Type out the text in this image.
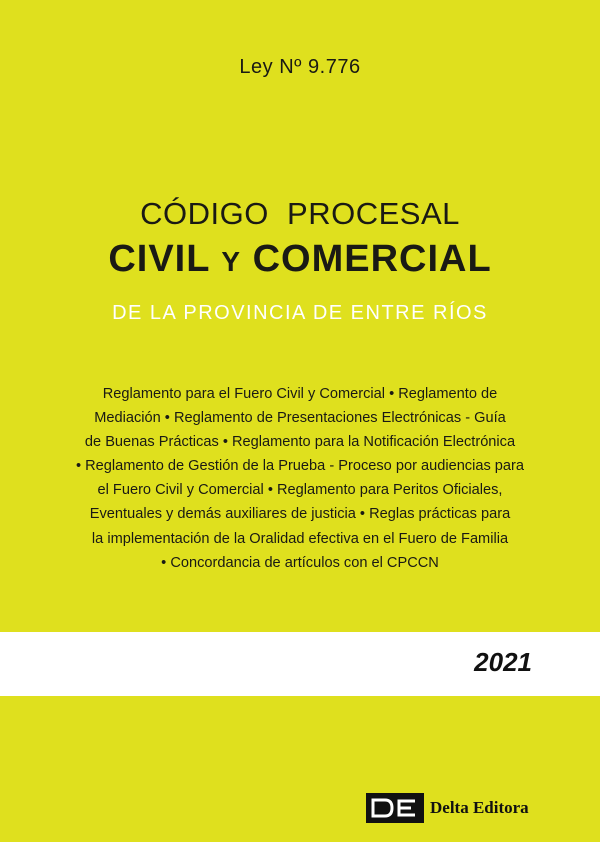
Ley Nº 9.776
CÓDIGO  PROCESAL
CIVIL Y COMERCIAL
DE LA PROVINCIA DE ENTRE RÍOS
Reglamento para el Fuero Civil y Comercial • Reglamento de
Mediación • Reglamento de Presentaciones Electrónicas - Guía
de Buenas Prácticas • Reglamento para la Notificación Electrónica
• Reglamento de Gestión de la Prueba - Proceso por audiencias para
el Fuero Civil y Comercial • Reglamento para Peritos Oficiales,
Eventuales y demás auxiliares de justicia • Reglas prácticas para
la implementación de la Oralidad efectiva en el Fuero de Familia
• Concordancia de artículos con el CPCCN
2021
Delta Editora
